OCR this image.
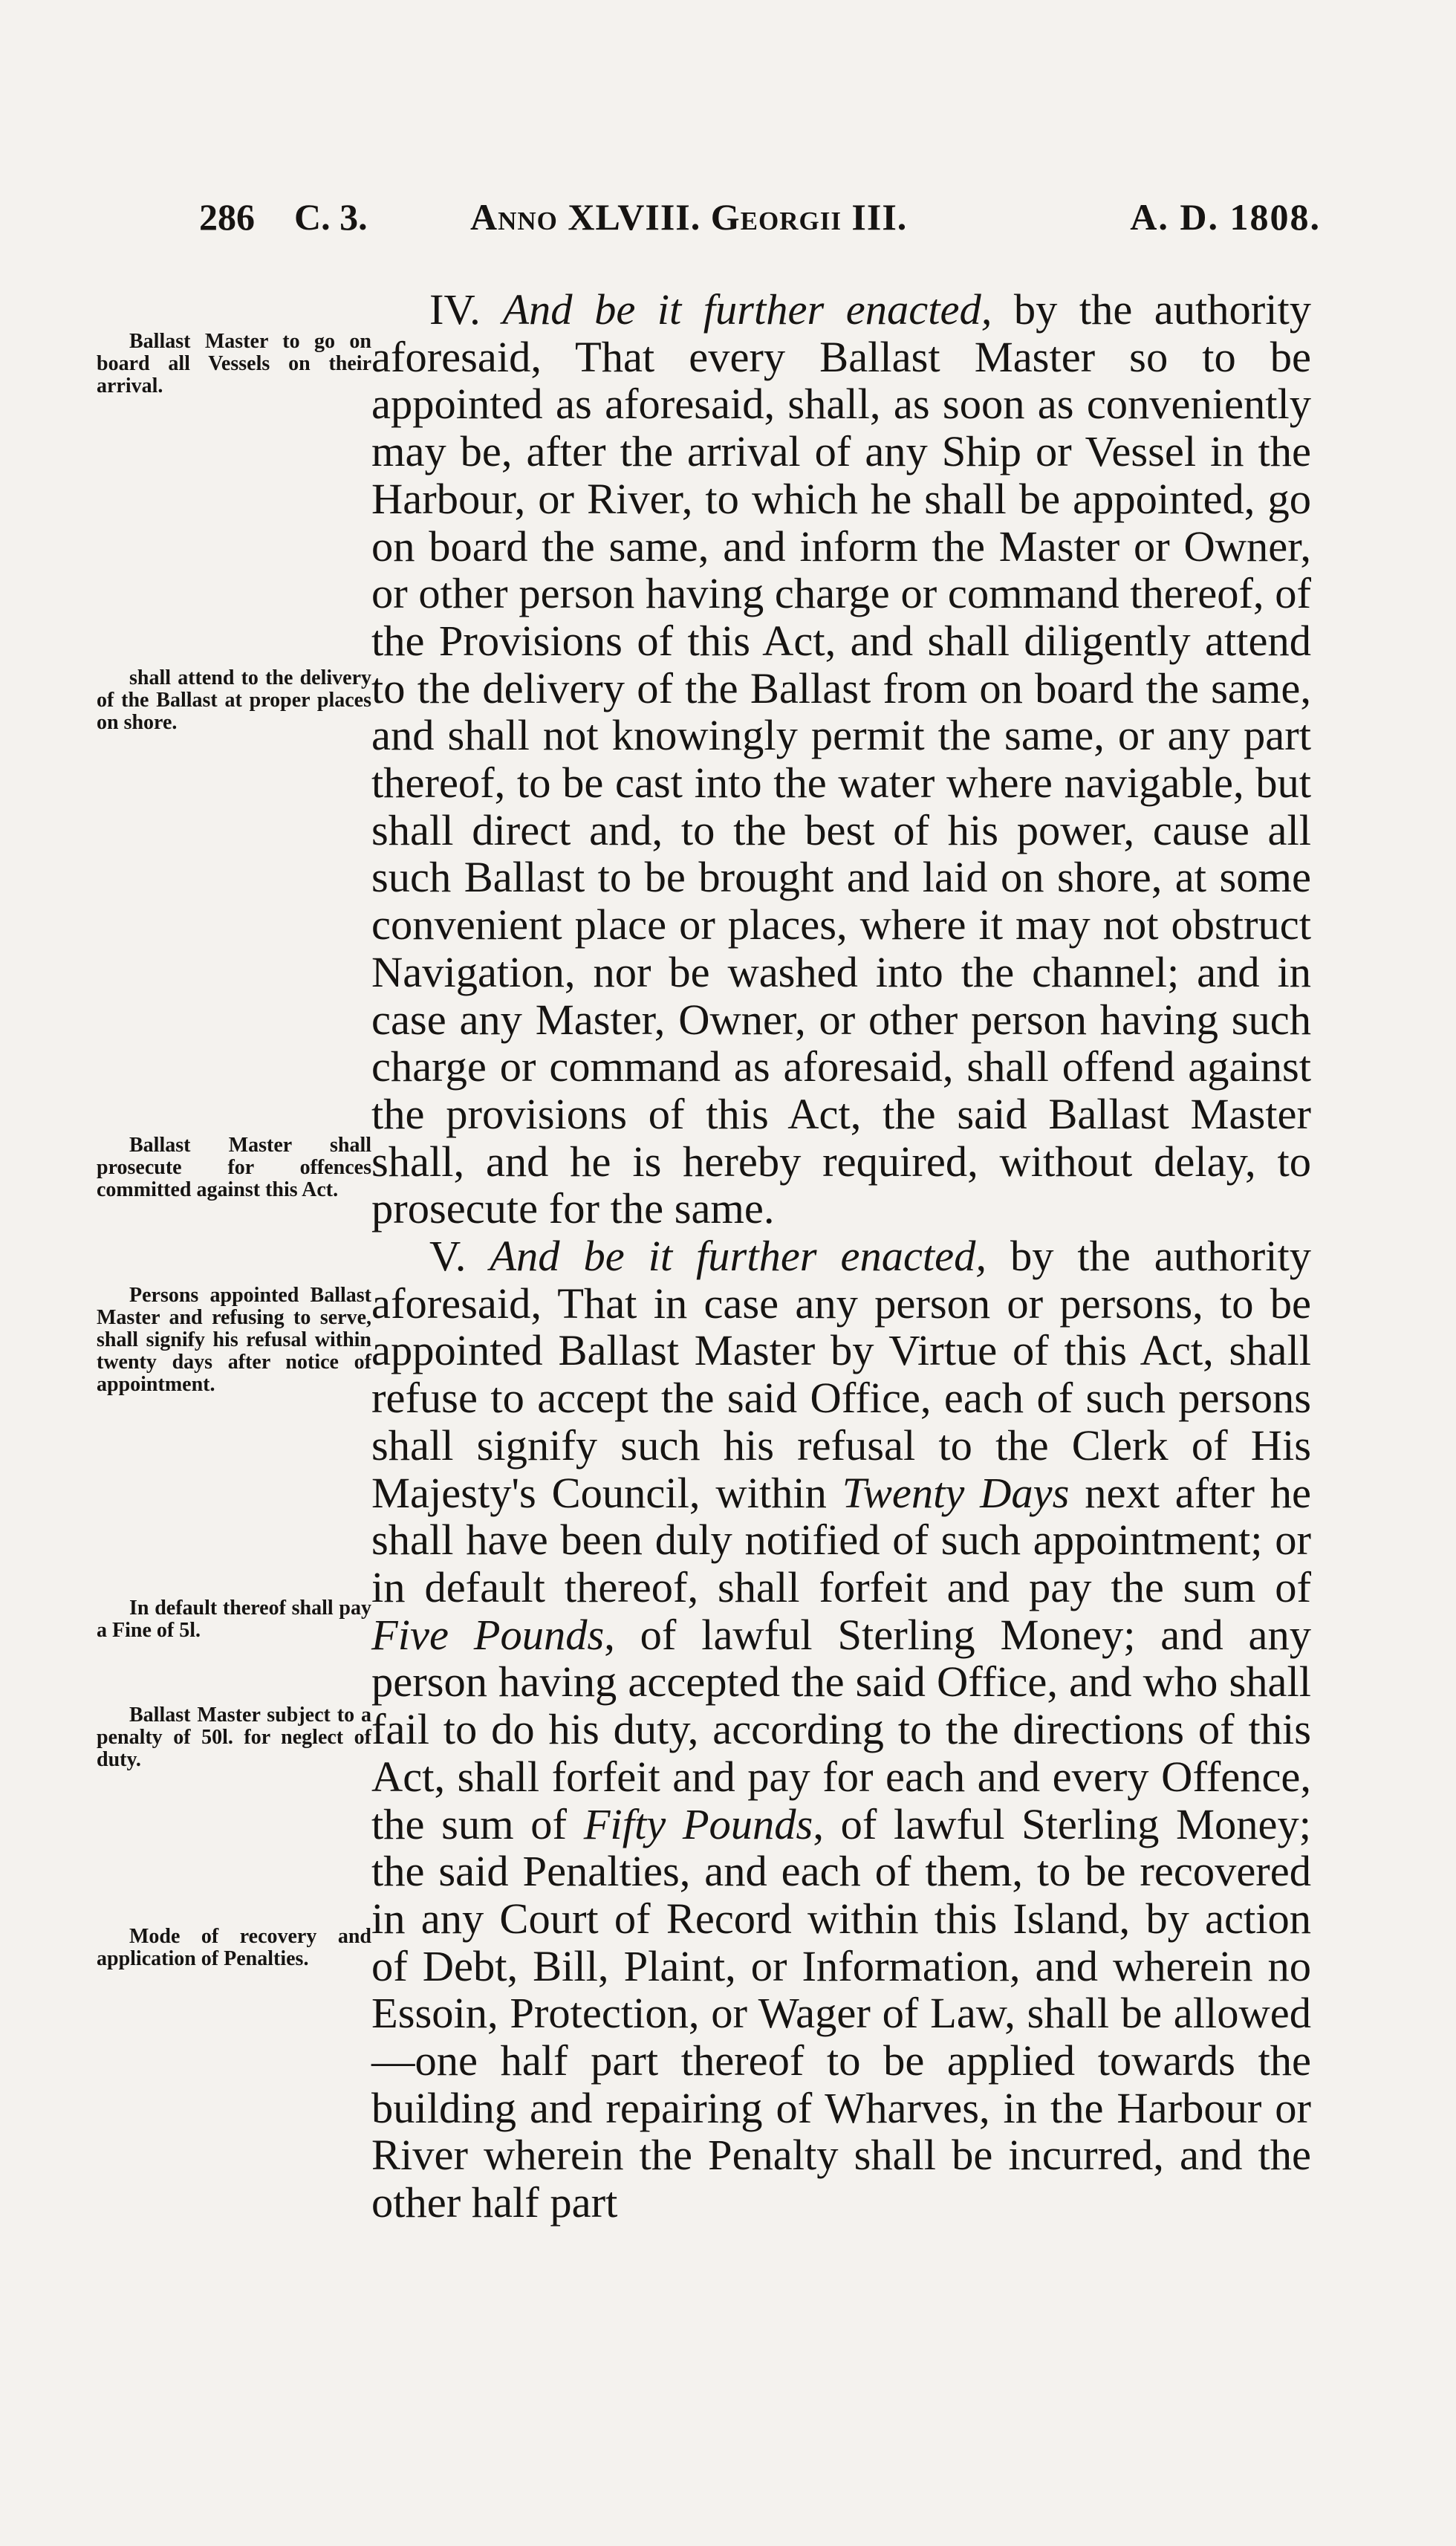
286 C. 3.	Anno XLVIII. Georgii III.	A. D. 1808.

IV. And be it further enacted, by the authority aforesaid, That every Ballast Master so to be appointed as aforesaid, shall, as soon as conveniently may be, after the arrival of any Ship or Vessel in the Harbour, or River, to which he shall be appointed, go on board the same, and inform the Master or Owner, or other person having charge or command thereof, of the Provisions of this Act, and shall diligently attend to the delivery of the Ballast from on board the same, and shall not knowingly permit the same, or any part thereof, to be cast into the water where navigable, but shall direct and, to the best of his power, cause all such Ballast to be brought and laid on shore, at some convenient place or places, where it may not obstruct Navigation, nor be washed into the channel; and in case any Master, Owner, or other person having such charge or command as aforesaid, shall offend against the provisions of this Act, the said Ballast Master shall, and he is hereby required, without delay, to prosecute for the same.

V. And be it further enacted, by the authority aforesaid, That in case any person or persons, to be appointed Ballast Master by Virtue of this Act, shall refuse to accept the said Office, each of such persons shall signify such his refusal to the Clerk of His Majesty's Council, within Twenty Days next after he shall have been duly notified of such appointment; or in default thereof, shall forfeit and pay the sum of Five Pounds, of lawful Sterling Money; and any person having accepted the said Office, and who shall fail to do his duty, according to the directions of this Act, shall forfeit and pay for each and every Offence, the sum of Fifty Pounds, of lawful Sterling Money; the said Penalties, and each of them, to be recovered in any Court of Record within this Island, by action of Debt, Bill, Plaint, or Information, and wherein no Essoin, Protection, or Wager of Law, shall be allowed—one half part thereof to be applied towards the building and repairing of Wharves, in the Harbour or River wherein the Penalty shall be incurred, and the other half part

Ballast Master to go on board all Vessels on their arrival.
shall attend to the delivery of the Ballast at proper places on shore.
Ballast Master shall prosecute for offences committed against this Act.
Persons appointed Ballast Master and refusing to serve, shall signify his refusal within twenty days after notice of appointment.
In default thereof shall pay a Fine of 5l.
Ballast Master subject to a penalty of 50l. for neglect of duty.
Mode of recovery and application of Penalties.
